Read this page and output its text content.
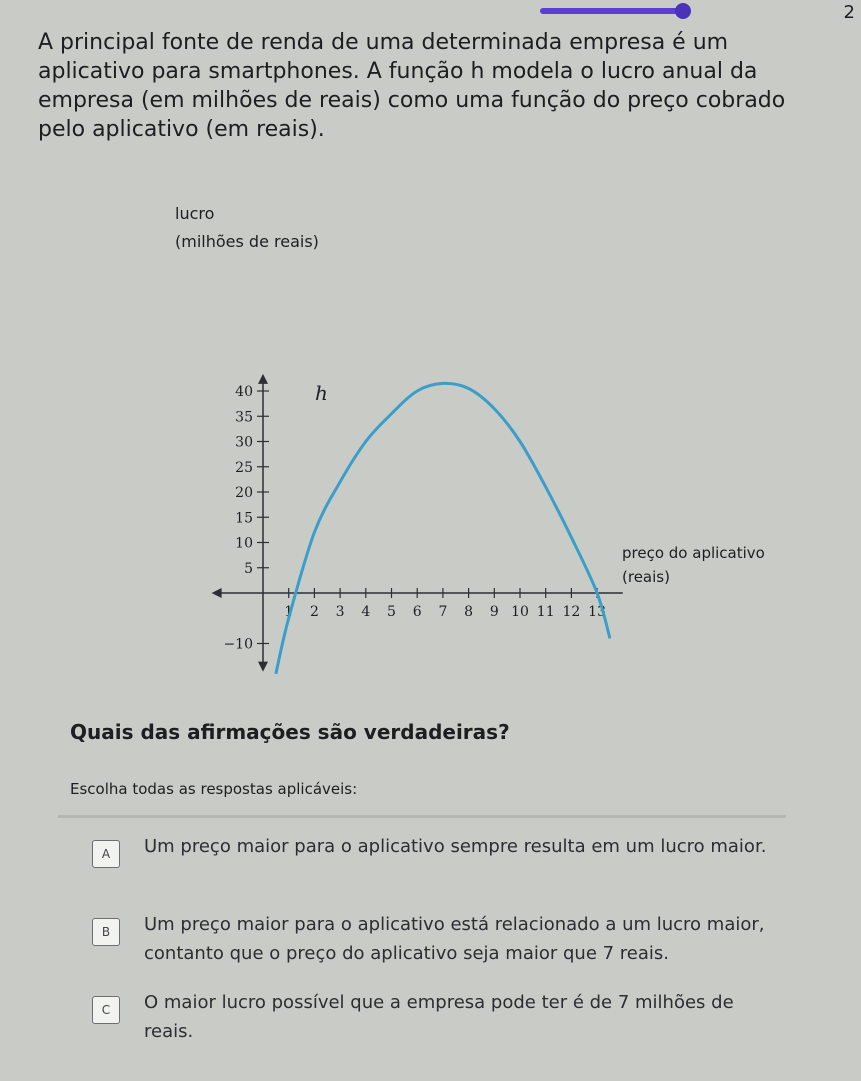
2

A principal fonte de renda de uma determinada empresa é um aplicativo para smartphones. A função h modela o lucro anual da empresa (em milhões de reais) como uma função do preço cobrado pelo aplicativo (em reais).

lucro
(milhões de reais)
preço do aplicativo
(reais)
h
1 2 3 4 5 6 7 8 9 10 11 12 13
−10
5
10
15
20
25
30
35
40
Quais das afirmações são verdadeiras?
Escolha todas as respostas aplicáveis:
A	Um preço maior para o aplicativo sempre resulta em um lucro maior.
B	Um preço maior para o aplicativo está relacionado a um lucro maior, contanto que o preço do aplicativo seja maior que 7 reais.
C	O maior lucro possível que a empresa pode ter é de 7 milhões de reais.
